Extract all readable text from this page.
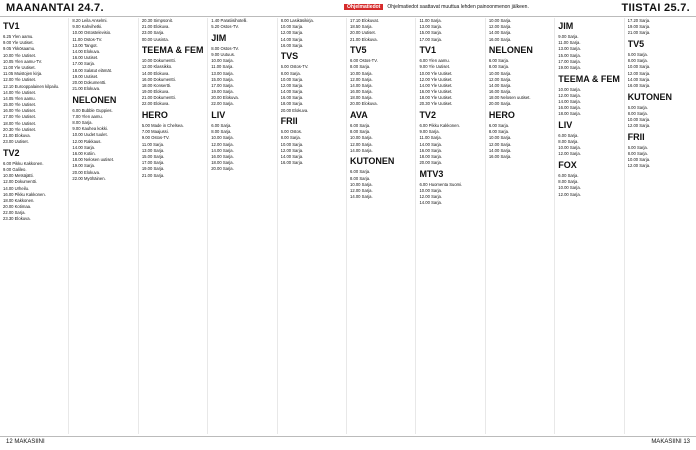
MAANANTAI 24.7.	Ohjelmatiedot Ohjelmatiedot saattavat muuttua lehden painoonmenon jälkeen.	TIISTAI 25.7.
TV1
6.25 Ylen aamu.
9.00 Yle Uutiset.
9.05 Ykkösaamu.
10.00 Yle Uutiset.
10.05 Ylen aamu-TV.
11.00 Yle Uutiset.
11.05 Muistojen kirja.
12.00 Yle Uutiset.
12.10 Eurooppalainen kilpailu.
14.00 Yle Uutiset.
14.05 Ylen aamu.
15.00 Yle Uutiset.
16.00 Yle Uutiset.
17.00 Yle Uutiset.
18.00 Yle Uutiset.
20.30 Yle Uutiset.
21.00 Elokuva.
23.00 Uutiset.
TV2
6.00 Pikku Kakkonen.
9.00 Galileo.
10.00 Metsäjätti.
12.00 Dokumentti.
14.00 Urheilu.
16.00 Pikku Kakkonen.
18.00 Kakkonen.
20.00 Kotimaa.
22.00 Sarja.
23.30 Elokuva.
8.20 Leila Anselmi.
9.00 Kahvihetki.
10.00 Ostostelevisio.
11.00 Ostos-TV.
13.00 Tangot.
14.00 Elokuva.
16.00 Uutiset.
17.00 Sarja.
18.00 Salatut elämät.
19.00 Uutiset.
20.00 Dokumentti.
21.00 Elokuva.
NELONEN
6.00 Bubble Guppies.
7.00 Ylen aamu.
8.00 Sarja.
9.00 Kauhea kokki.
10.00 Uudet tuulet.
12.00 Rakkaus.
14.00 Sarja.
16.00 Kotiin.
18.00 Nelosen uutiset.
19.00 Sarja.
20.00 Elokuva.
22.00 Myöhäinen.
20.30 Simpsonit.
21.00 Elokuva.
23.00 Sarja.
00.00 Uusinta.
TEEMA & FEM
10.00 Dokumentti.
12.00 Klassikko.
14.00 Elokuva.
16.00 Dokumentti.
18.00 Konsertti.
19.00 Elokuva.
21.00 Dokumentti.
22.00 Elokuva.
HERO
5.00 Made in Chelsea.
7.00 Maajussi.
9.00 Ostos-TV.
11.00 Sarja.
13.00 Sarja.
15.00 Sarja.
17.00 Sarja.
19.00 Sarja.
21.00 Sarja.
1.40 Paratiisihotelli.
5.20 Ostos-TV.
JIM
8.00 Ostos-TV.
9.00 Uutuus.
10.00 Sarja.
11.00 Sarja.
13.00 Sarja.
15.00 Sarja.
17.00 Sarja.
19.00 Sarja.
20.00 Elokuva.
22.00 Sarja.
LIV
6.00 Sarja.
8.00 Sarja.
10.00 Sarja.
12.00 Sarja.
14.00 Sarja.
16.00 Sarja.
18.00 Sarja.
20.00 Sarja.
8.00 Lasikäsikirja.
10.00 Sarja.
12.00 Sarja.
14.00 Sarja.
16.00 Sarja.
TVS
6.00 Ostos-TV.
8.00 Sarja.
10.00 Sarja.
12.00 Sarja.
14.00 Sarja.
16.00 Sarja.
18.00 Sarja.
20.00 Elokuva.
FRII
6.00 Ostos.
8.00 Sarja.
10.00 Sarja.
12.00 Sarja.
14.00 Sarja.
16.00 Sarja.
17.10 Elokuvat.
18.50 Sarja.
20.00 Uutiset.
21.00 Elokuva.
TV5
6.00 Ostos-TV.
8.00 Sarja.
10.00 Sarja.
12.00 Sarja.
14.00 Sarja.
16.00 Sarja.
18.00 Sarja.
20.00 Elokuva.
AVA
6.00 Sarja.
8.00 Sarja.
10.00 Sarja.
12.00 Sarja.
14.00 Sarja.
KUTONEN
6.00 Sarja.
8.00 Sarja.
10.00 Sarja.
12.00 Sarja.
14.00 Sarja.
11.00 Sarja.
13.00 Sarja.
15.00 Sarja.
17.00 Sarja.
TV1
6.00 Ylen aamu.
9.00 Yle Uutiset.
10.00 Yle Uutiset.
12.00 Yle Uutiset.
14.00 Yle Uutiset.
16.00 Yle Uutiset.
18.00 Yle Uutiset.
20.30 Yle Uutiset.
TV2
6.00 Pikku Kakkonen.
9.00 Sarja.
11.00 Sarja.
14.00 Sarja.
16.00 Sarja.
18.00 Sarja.
20.00 Sarja.
MTV3
6.00 Huomenta Suomi.
10.00 Sarja.
12.00 Sarja.
14.00 Sarja.
10.00 Sarja.
12.00 Sarja.
14.00 Sarja.
16.00 Sarja.
NELONEN
6.00 Sarja.
8.00 Sarja.
10.00 Sarja.
12.00 Sarja.
14.00 Sarja.
16.00 Sarja.
18.00 Nelosen uutiset.
20.00 Sarja.
HERO
6.00 Sarja.
8.00 Sarja.
10.00 Sarja.
12.00 Sarja.
14.00 Sarja.
16.00 Sarja.
JIM
9.00 Sarja.
11.00 Sarja.
13.00 Sarja.
15.00 Sarja.
17.00 Sarja.
19.00 Sarja.
TEEMA & FEM
10.00 Sarja.
12.00 Sarja.
14.00 Sarja.
16.00 Sarja.
18.00 Sarja.
LIV
6.00 Sarja.
8.00 Sarja.
10.00 Sarja.
12.00 Sarja.
FOX
6.00 Sarja.
8.00 Sarja.
10.00 Sarja.
12.00 Sarja.
17.20 Sarja.
19.00 Sarja.
21.00 Sarja.
TV5
6.00 Sarja.
8.00 Sarja.
10.00 Sarja.
12.00 Sarja.
14.00 Sarja.
16.00 Sarja.
KUTONEN
6.00 Sarja.
8.00 Sarja.
10.00 Sarja.
12.00 Sarja.
FRII
6.00 Sarja.
8.00 Sarja.
10.00 Sarja.
12.00 Sarja.
12 MAKASIINI	MAKASIINI 13
